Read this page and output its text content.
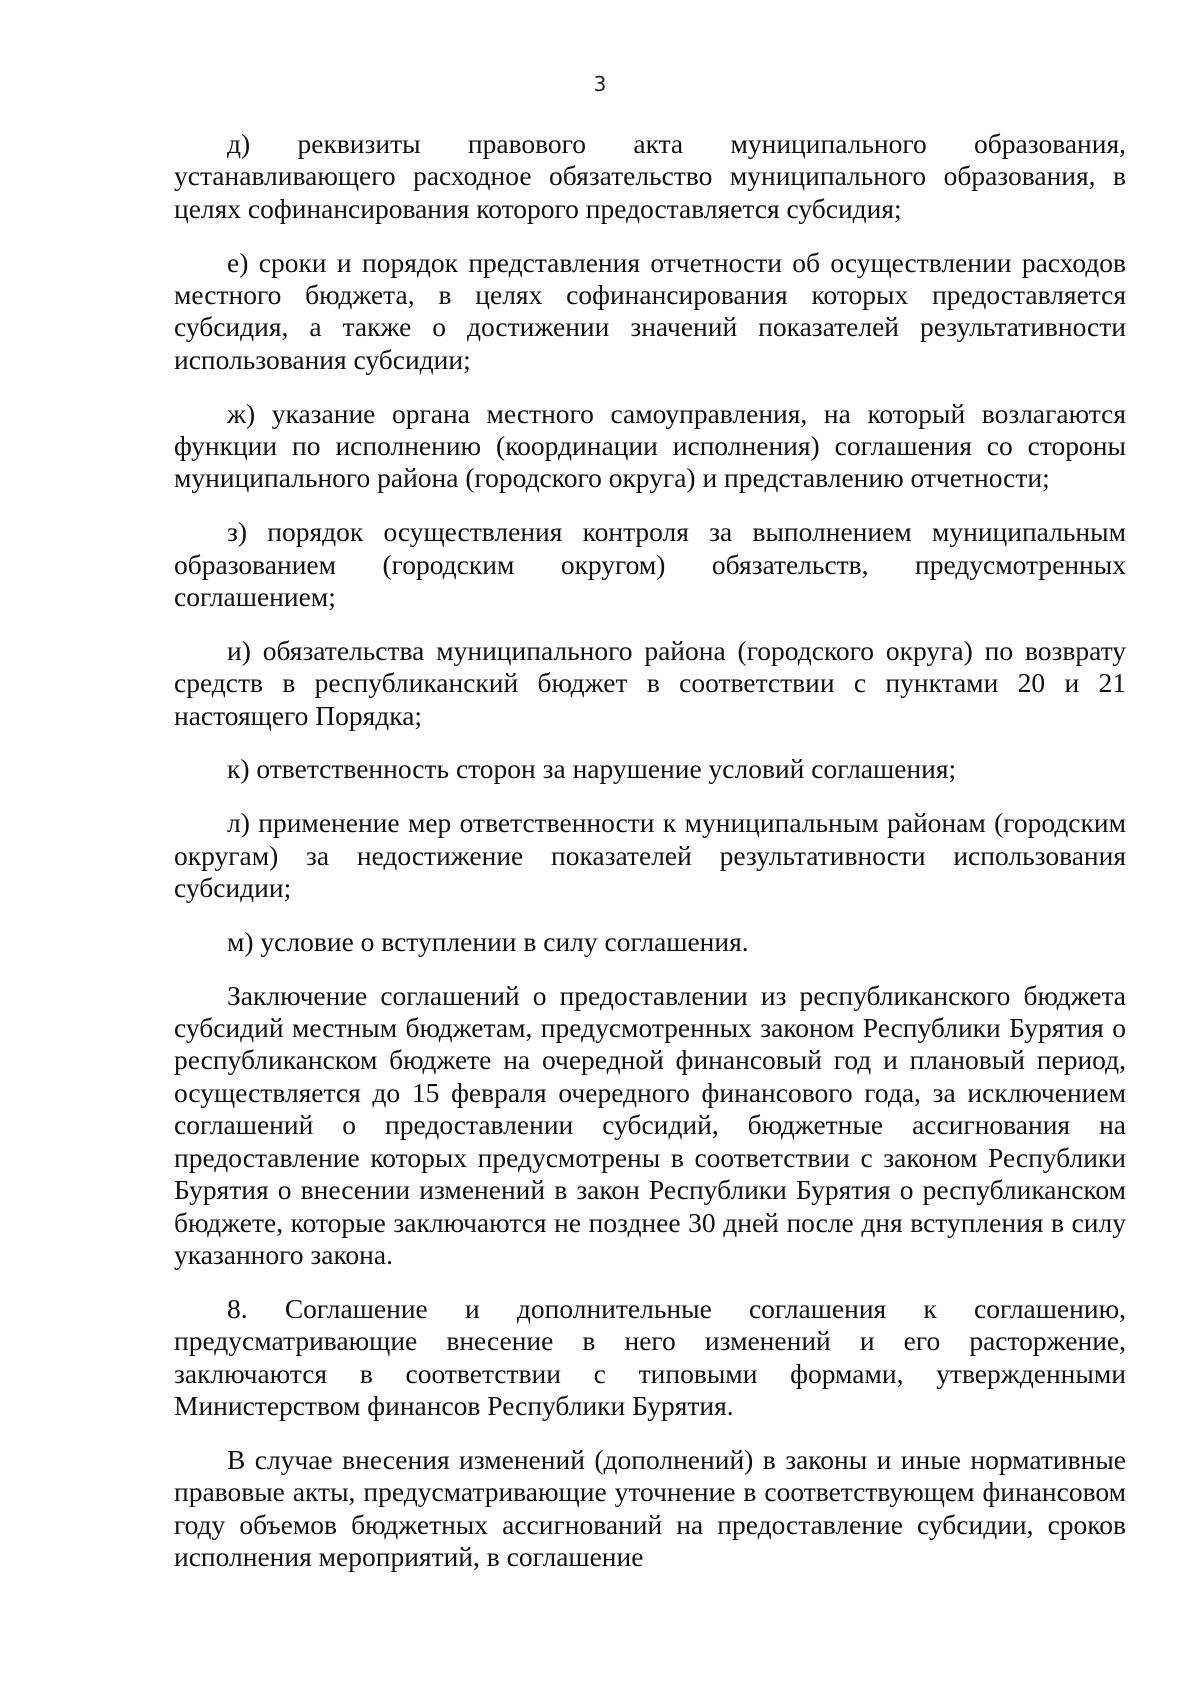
3

д) реквизиты правового акта муниципального образования, устанавливающего расходное обязательство муниципального образования, в целях софинансирования которого предоставляется субсидия;

е) сроки и порядок представления отчетности об осуществлении расходов местного бюджета, в целях софинансирования которых предоставляется субсидия, а также о достижении значений показателей результативности использования субсидии;

ж) указание органа местного самоуправления, на который возлагаются функции по исполнению (координации исполнения) соглашения со стороны муниципального района (городского округа) и представлению отчетности;

з) порядок осуществления контроля за выполнением муниципальным образованием (городским округом) обязательств, предусмотренных соглашением;

и) обязательства муниципального района (городского округа) по возврату средств в республиканский бюджет в соответствии с пунктами 20 и 21 настоящего Порядка;

к) ответственность сторон за нарушение условий соглашения;

л) применение мер ответственности к муниципальным районам (городским округам) за недостижение показателей результативности использования субсидии;

м) условие о вступлении в силу соглашения.

Заключение соглашений о предоставлении из республиканского бюджета субсидий местным бюджетам, предусмотренных законом Республики Бурятия о республиканском бюджете на очередной финансовый год и плановый период, осуществляется до 15 февраля очередного финансового года, за исключением соглашений о предоставлении субсидий, бюджетные ассигнования на предоставление которых предусмотрены в соответствии с законом Республики Бурятия о внесении изменений в закон Республики Бурятия о республиканском бюджете, которые заключаются не позднее 30 дней после дня вступления в силу указанного закона.

8. Соглашение и дополнительные соглашения к соглашению, предусматривающие внесение в него изменений и его расторжение, заключаются в соответствии с типовыми формами, утвержденными Министерством финансов Республики Бурятия.

В случае внесения изменений (дополнений) в законы и иные нормативные правовые акты, предусматривающие уточнение в соответствующем финансовом году объемов бюджетных ассигнований на предоставление субсидии, сроков исполнения мероприятий, в соглашение
